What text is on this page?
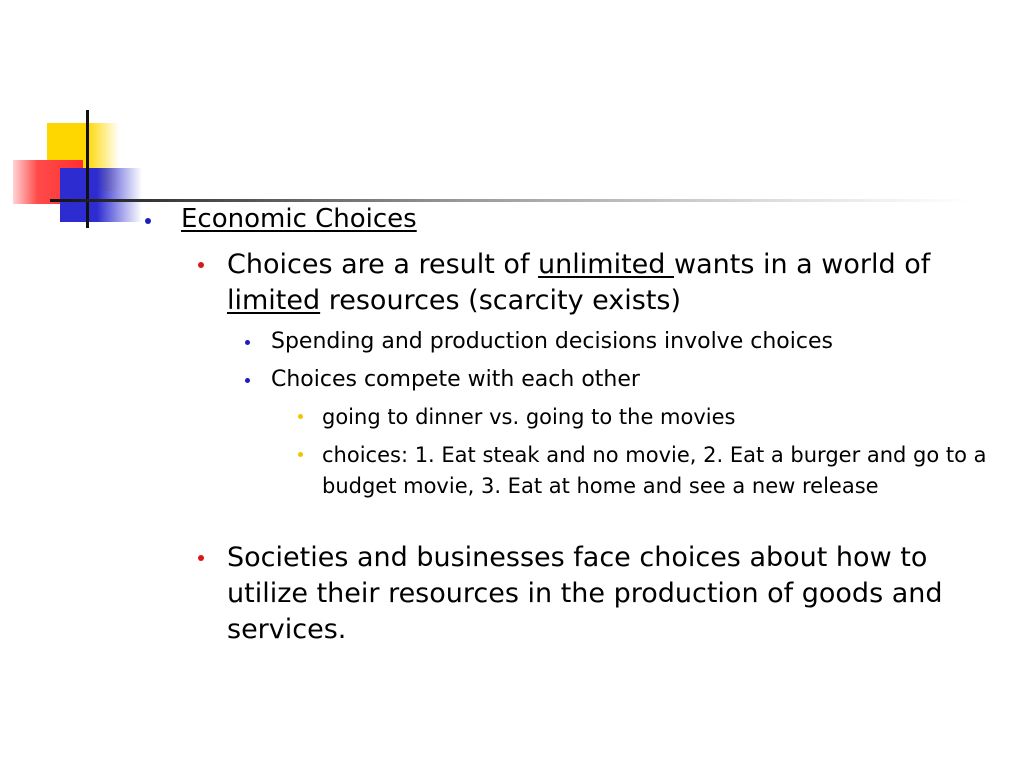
Economic Choices
Choices are a result of unlimited wants in a world of limited resources (scarcity exists)
Spending and production decisions involve choices
Choices compete with each other
going to dinner vs. going to the movies
choices: 1. Eat steak and no movie, 2. Eat a burger and go to a budget movie, 3. Eat at home and see a new release
Societies and businesses face choices about how to utilize their resources in the production of goods and services.
